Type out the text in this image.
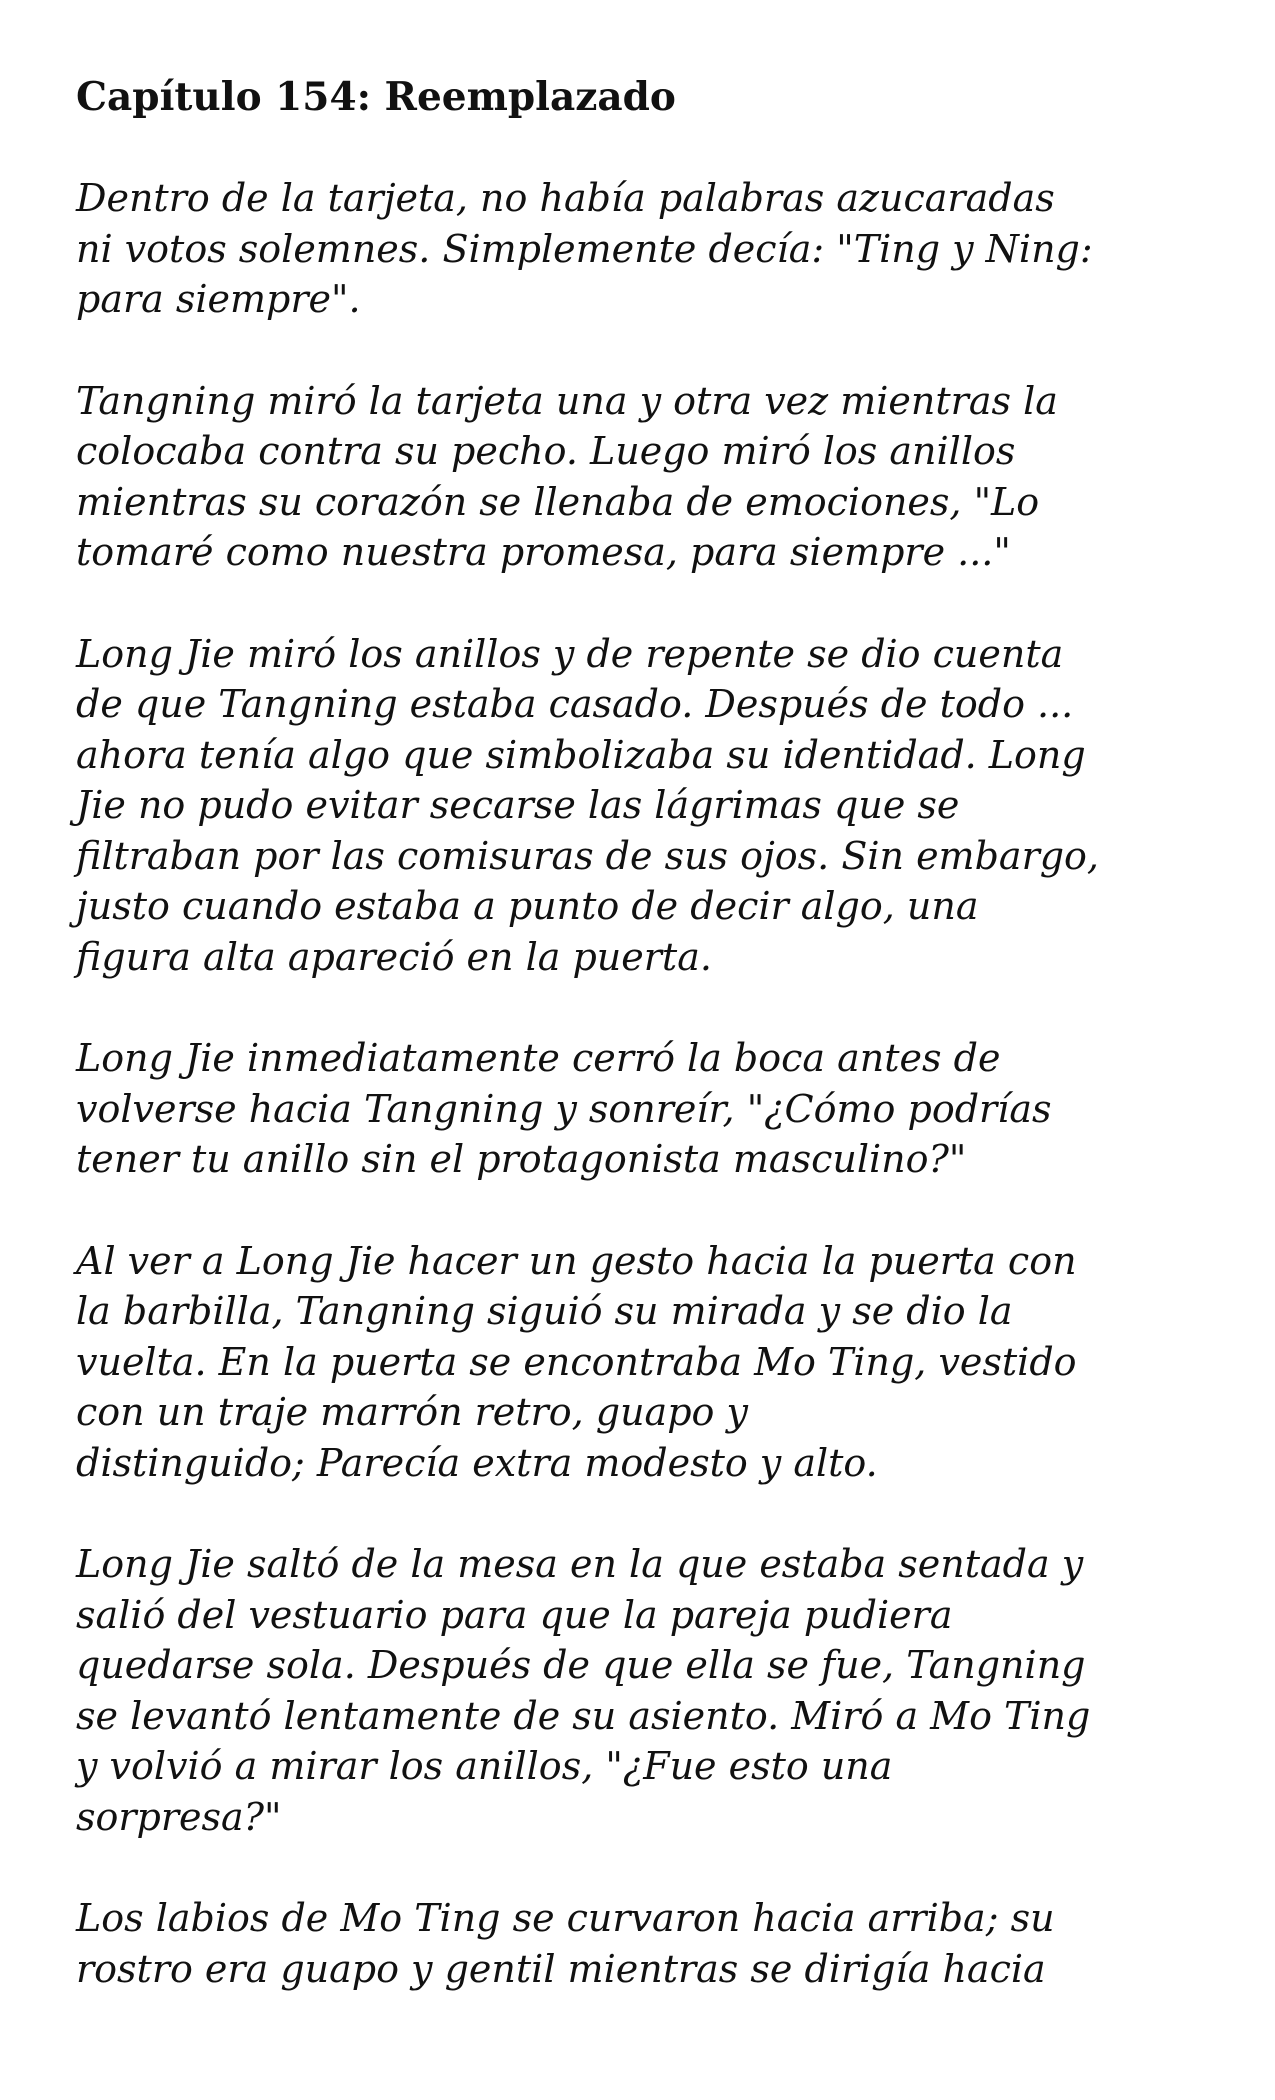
Capítulo 154: Reemplazado

Dentro de la tarjeta, no había palabras azucaradas
ni votos solemnes. Simplemente decía: "Ting y Ning:
para siempre".

Tangning miró la tarjeta una y otra vez mientras la
colocaba contra su pecho. Luego miró los anillos
mientras su corazón se llenaba de emociones, "Lo
tomaré como nuestra promesa, para siempre ..."

Long Jie miró los anillos y de repente se dio cuenta
de que Tangning estaba casado. Después de todo ...
ahora tenía algo que simbolizaba su identidad. Long
Jie no pudo evitar secarse las lágrimas que se
filtraban por las comisuras de sus ojos. Sin embargo,
justo cuando estaba a punto de decir algo, una
figura alta apareció en la puerta.

Long Jie inmediatamente cerró la boca antes de
volverse hacia Tangning y sonreír, "¿Cómo podrías
tener tu anillo sin el protagonista masculino?"

Al ver a Long Jie hacer un gesto hacia la puerta con
la barbilla, Tangning siguió su mirada y se dio la
vuelta. En la puerta se encontraba Mo Ting, vestido
con un traje marrón retro, guapo y
distinguido; Parecía extra modesto y alto.

Long Jie saltó de la mesa en la que estaba sentada y
salió del vestuario para que la pareja pudiera
quedarse sola. Después de que ella se fue, Tangning
se levantó lentamente de su asiento. Miró a Mo Ting
y volvió a mirar los anillos, "¿Fue esto una
sorpresa?"

Los labios de Mo Ting se curvaron hacia arriba; su
rostro era guapo y gentil mientras se dirigía hacia
